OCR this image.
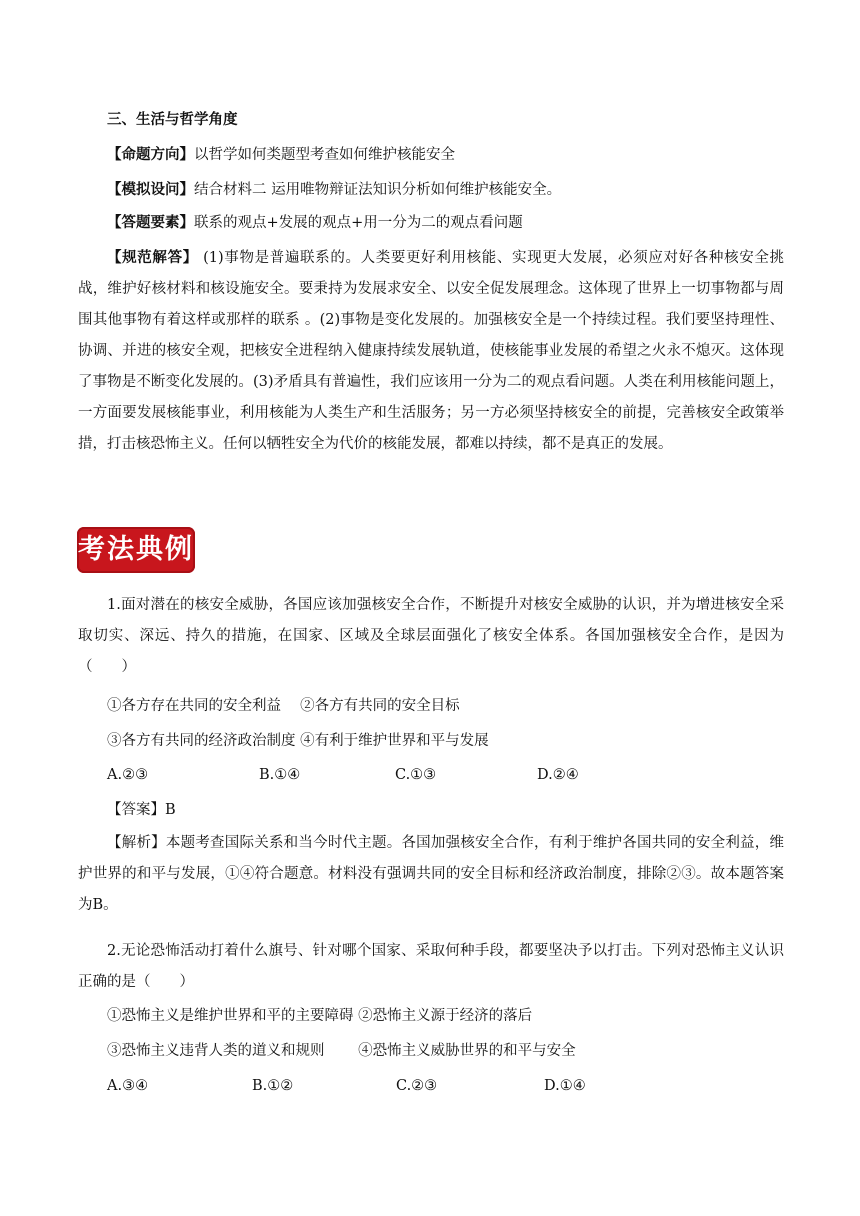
三、生活与哲学角度
【命题方向】以哲学如何类题型考查如何维护核能安全
【模拟设问】结合材料二 运用唯物辩证法知识分析如何维护核能安全。
【答题要素】联系的观点+发展的观点+用一分为二的观点看问题
【规范解答】 (1)事物是普遍联系的。人类要更好利用核能、实现更大发展，必须应对好各种核安全挑战，维护好核材料和核设施安全。要秉持为发展求安全、以安全促发展理念。这体现了世界上一切事物都与周围其他事物有着这样或那样的联系 。(2)事物是变化发展的。加强核安全是一个持续过程。我们要坚持理性、协调、并进的核安全观，把核安全进程纳入健康持续发展轨道，使核能事业发展的希望之火永不熄灭。这体现了事物是不断变化发展的。(3)矛盾具有普遍性，我们应该用一分为二的观点看问题。人类在利用核能问题上，一方面要发展核能事业，利用核能为人类生产和生活服务；另一方必须坚持核安全的前提，完善核安全政策举措，打击核恐怖主义。任何以牺牲安全为代价的核能发展，都难以持续，都不是真正的发展。
考法典例
1.面对潜在的核安全威胁，各国应该加强核安全合作，不断提升对核安全威胁的认识，并为增进核安全采取切实、深远、持久的措施，在国家、区域及全球层面强化了核安全体系。各国加强核安全合作，是因为（　　）
①各方存在共同的安全利益　 ②各方有共同的安全目标
③各方有共同的经济政治制度 ④有利于维护世界和平与发展
A.②③	B.①④	C.①③	D.②④
【答案】B
【解析】本题考查国际关系和当今时代主题。各国加强核安全合作，有利于维护各国共同的安全利益，维护世界的和平与发展，①④符合题意。材料没有强调共同的安全目标和经济政治制度，排除②③。故本题答案为B。
2.无论恐怖活动打着什么旗号、针对哪个国家、采取何种手段，都要坚决予以打击。下列对恐怖主义认识正确的是（　　）
①恐怖主义是维护世界和平的主要障碍 ②恐怖主义源于经济的落后
③恐怖主义违背人类的道义和规则　　 ④恐怖主义威胁世界的和平与安全
A.③④	B.①②	C.②③	D.①④
